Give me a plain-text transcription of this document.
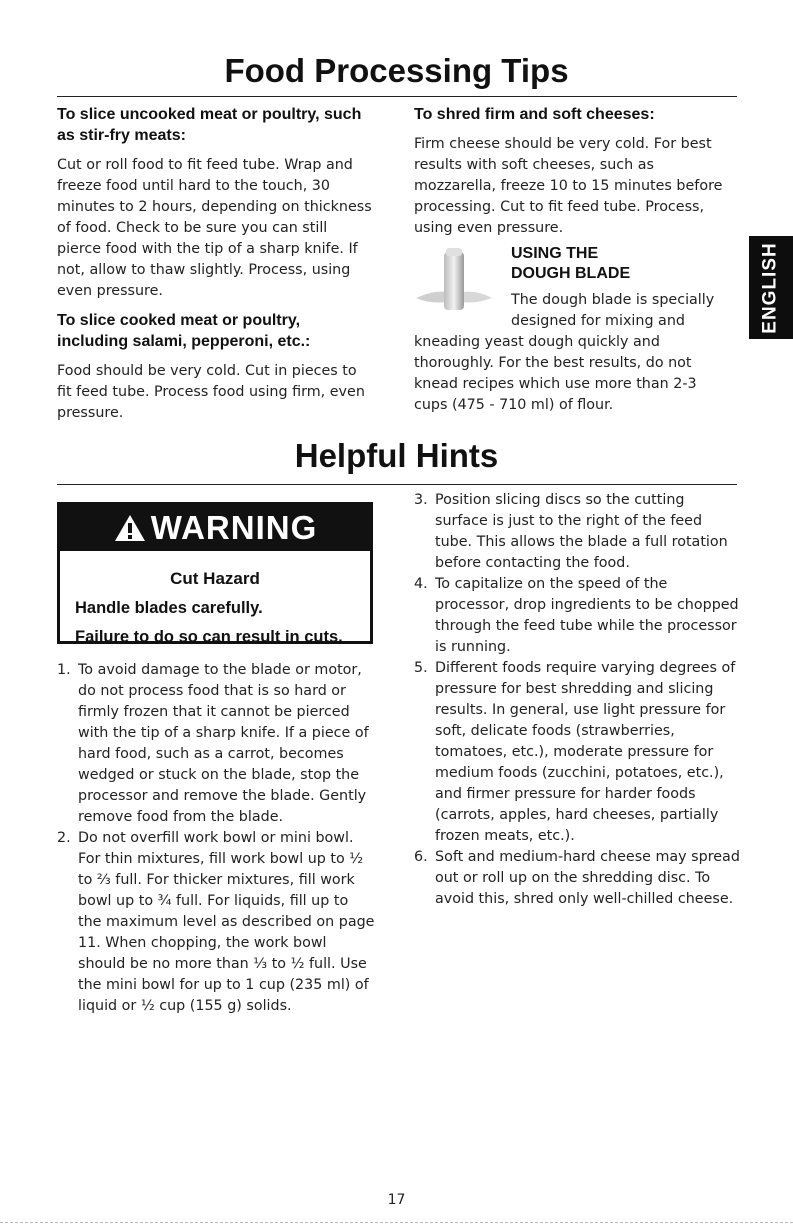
Food Processing Tips
To slice uncooked meat or poultry, such as stir-fry meats:

Cut or roll food to fit feed tube. Wrap and freeze food until hard to the touch, 30 minutes to 2 hours, depending on thickness of food. Check to be sure you can still pierce food with the tip of a sharp knife. If not, allow to thaw slightly. Process, using even pressure.

To slice cooked meat or poultry, including salami, pepperoni, etc.:

Food should be very cold. Cut in pieces to fit feed tube. Process food using firm, even pressure.

To shred firm and soft cheeses:

Firm cheese should be very cold. For best results with soft cheeses, such as mozzarella, freeze 10 to 15 minutes before processing. Cut to fit feed tube. Process, using even pressure.

USING THE
DOUGH BLADE
The dough blade is specially
designed for mixing and

kneading yeast dough quickly and thoroughly. For the best results, do not knead recipes which use more than 2-3 cups (475 - 710 ml) of flour.

ENGLISH
Helpful Hints
WARNING
Cut Hazard
Handle blades carefully.
Failure to do so can result in cuts.
1. To avoid damage to the blade or motor, do not process food that is so hard or firmly frozen that it cannot be pierced with the tip of a sharp knife. If a piece of hard food, such as a carrot, becomes wedged or stuck on the blade, stop the processor and remove the blade. Gently remove food from the blade.
2. Do not overfill work bowl or mini bowl. For thin mixtures, fill work bowl up to ½ to ⅔ full. For thicker mixtures, fill work bowl up to ¾ full. For liquids, fill up to the maximum level as described on page 11. When chopping, the work bowl should be no more than ⅓ to ½ full. Use the mini bowl for up to 1 cup (235 ml) of liquid or ½ cup (155 g) solids.
3. Position slicing discs so the cutting surface is just to the right of the feed tube. This allows the blade a full rotation before contacting the food.
4. To capitalize on the speed of the processor, drop ingredients to be chopped through the feed tube while the processor is running.
5. Different foods require varying degrees of pressure for best shredding and slicing results. In general, use light pressure for soft, delicate foods (strawberries, tomatoes, etc.), moderate pressure for medium foods (zucchini, potatoes, etc.), and firmer pressure for harder foods (carrots, apples, hard cheeses, partially frozen meats, etc.).
6. Soft and medium-hard cheese may spread out or roll up on the shredding disc. To avoid this, shred only well-chilled cheese.
17
